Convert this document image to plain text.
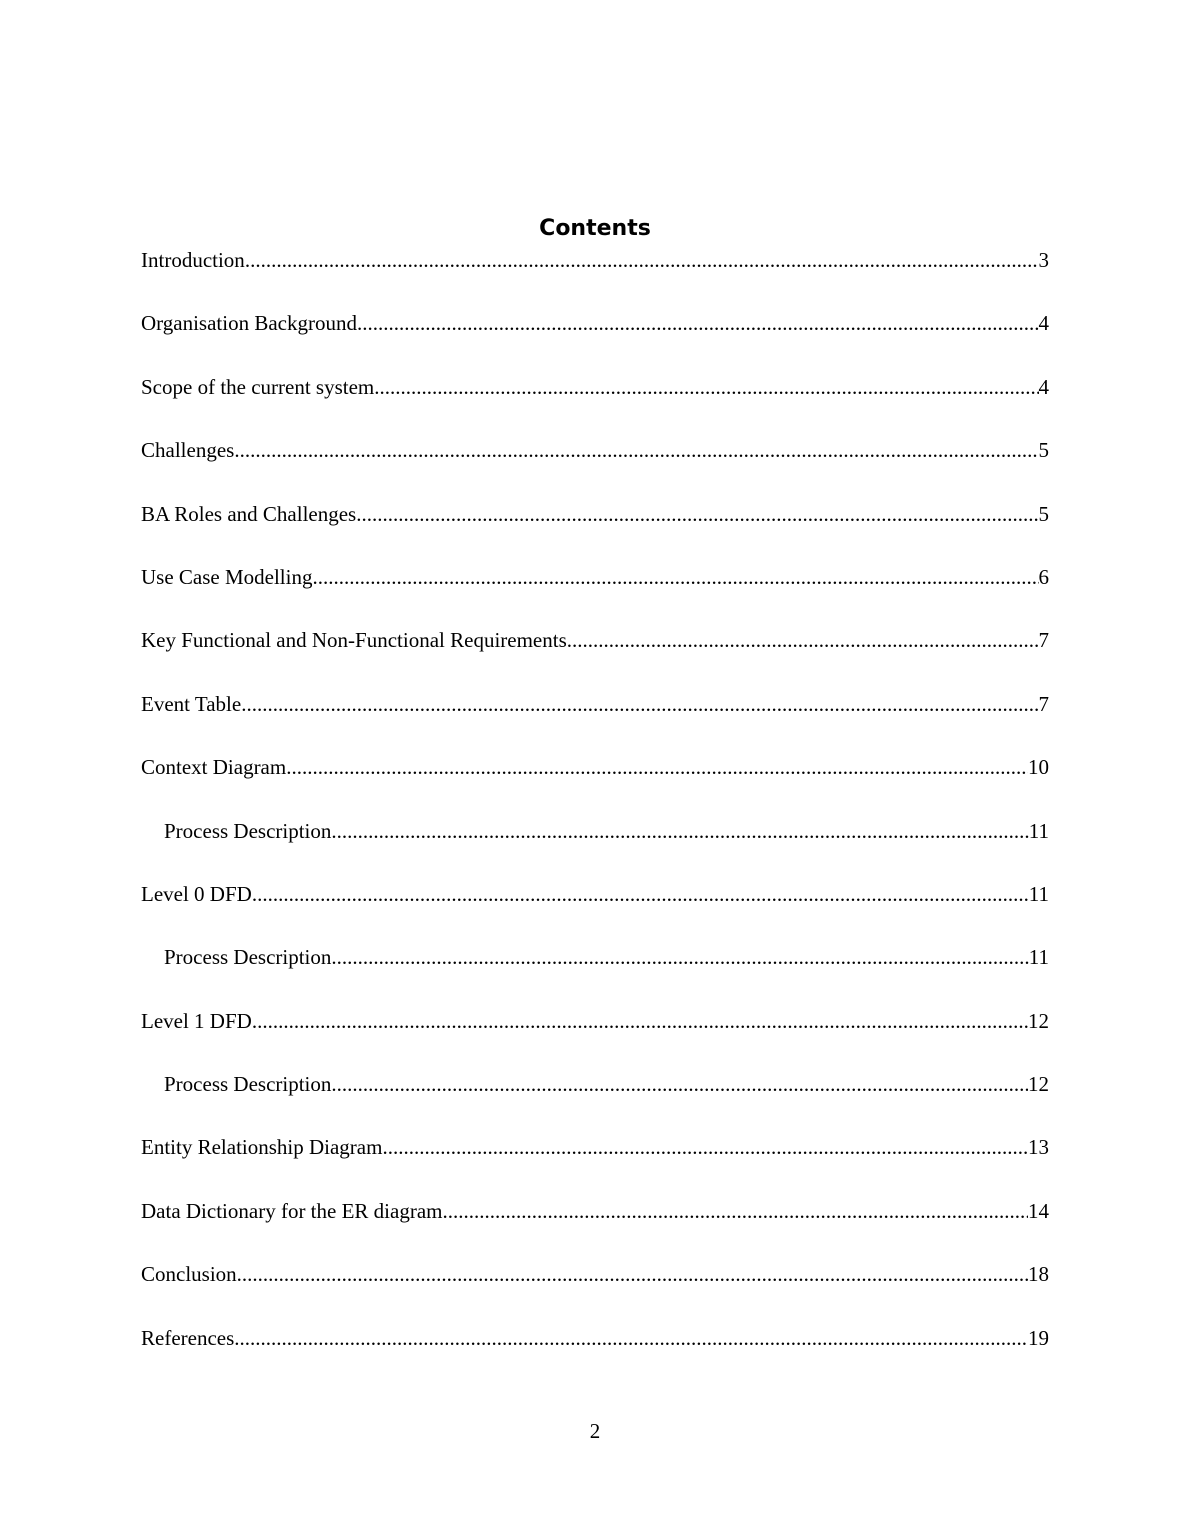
Contents
Introduction .....	3
Organisation Background .....	4
Scope of the current system .....	4
Challenges .....	5
BA Roles and Challenges .....	5
Use Case Modelling .....	6
Key Functional and Non-Functional Requirements .....	7
Event Table .....	7
Context Diagram .....	10
Process Description .....	11
Level 0 DFD .....	11
Process Description .....	11
Level 1 DFD .....	12
Process Description .....	12
Entity Relationship Diagram .....	13
Data Dictionary for the ER diagram .....	14
Conclusion .....	18
References .....	19
2
